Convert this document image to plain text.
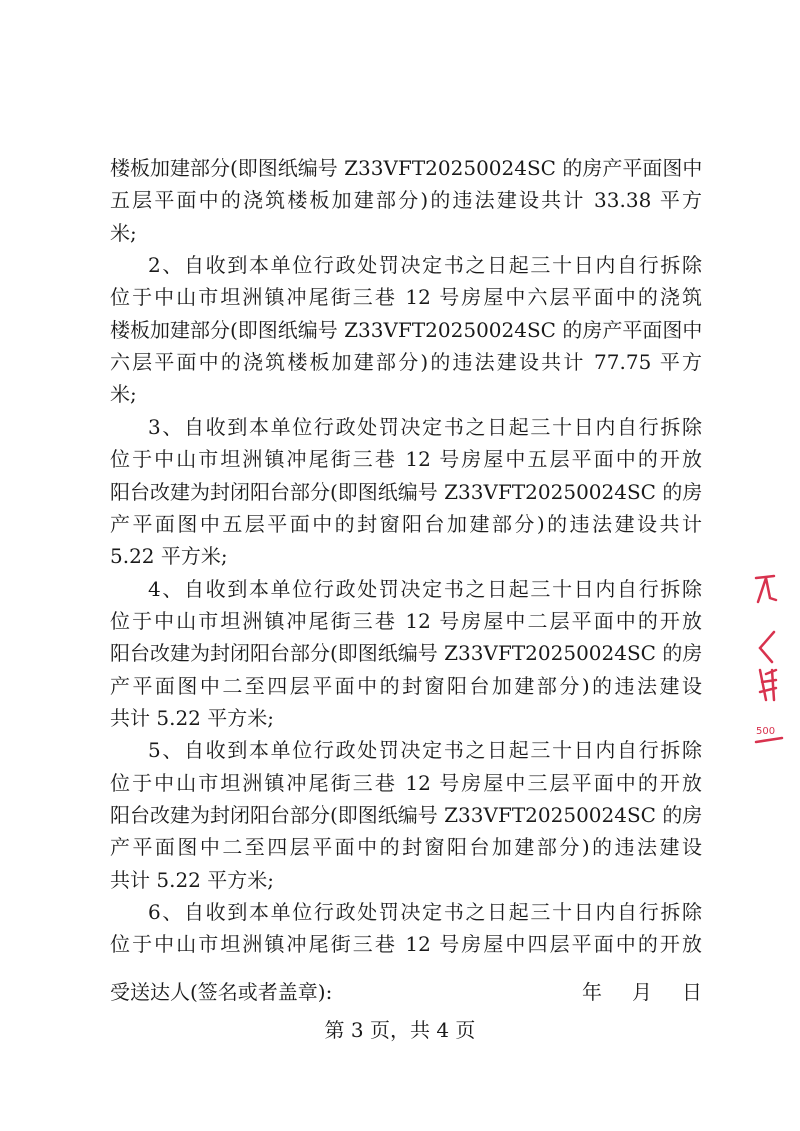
楼板加建部分(即图纸编号 Z33VFT20250024SC 的房产平面图中
五层平面中的浇筑楼板加建部分)的违法建设共计 33.38 平方
米;
2、自收到本单位行政处罚决定书之日起三十日内自行拆除
位于中山市坦洲镇冲尾街三巷 12 号房屋中六层平面中的浇筑
楼板加建部分(即图纸编号 Z33VFT20250024SC 的房产平面图中
六层平面中的浇筑楼板加建部分)的违法建设共计 77.75 平方
米;
3、自收到本单位行政处罚决定书之日起三十日内自行拆除
位于中山市坦洲镇冲尾街三巷 12 号房屋中五层平面中的开放
阳台改建为封闭阳台部分(即图纸编号 Z33VFT20250024SC 的房
产平面图中五层平面中的封窗阳台加建部分)的违法建设共计
5.22 平方米;
4、自收到本单位行政处罚决定书之日起三十日内自行拆除
位于中山市坦洲镇冲尾街三巷 12 号房屋中二层平面中的开放
阳台改建为封闭阳台部分(即图纸编号 Z33VFT20250024SC 的房
产平面图中二至四层平面中的封窗阳台加建部分)的违法建设
共计 5.22 平方米;
5、自收到本单位行政处罚决定书之日起三十日内自行拆除
位于中山市坦洲镇冲尾街三巷 12 号房屋中三层平面中的开放
阳台改建为封闭阳台部分(即图纸编号 Z33VFT20250024SC 的房
产平面图中二至四层平面中的封窗阳台加建部分)的违法建设
共计 5.22 平方米;
6、自收到本单位行政处罚决定书之日起三十日内自行拆除
位于中山市坦洲镇冲尾街三巷 12 号房屋中四层平面中的开放
受送达人(签名或者盖章):	年 月 日
第 3 页，共 4 页
500
